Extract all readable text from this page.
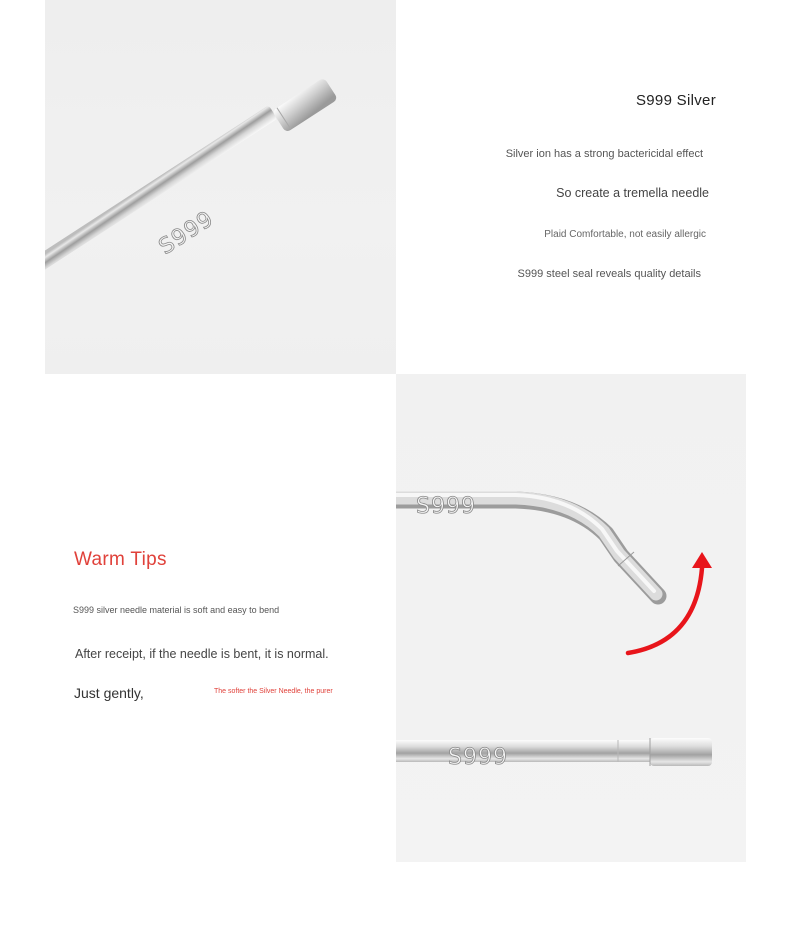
S999
S999 Silver
Silver ion has a strong bactericidal effect
So create a tremella needle
Plaid Comfortable, not easily allergic
S999 steel seal reveals quality details
Warm Tips
S999 silver needle material is soft and easy to bend
After receipt, if the needle is bent, it is normal.
Just gently,	The softer the Silver Needle, the purer
S999
S999
